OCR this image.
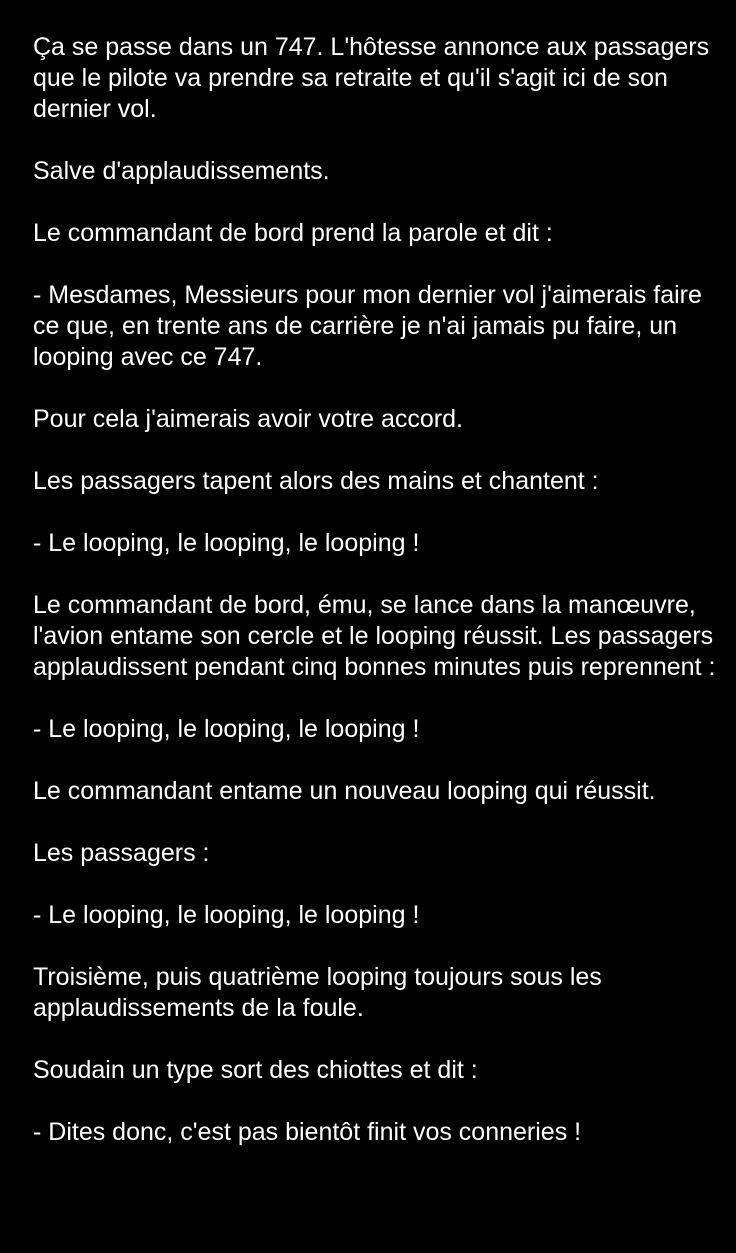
Ça se passe dans un 747. L'hôtesse annonce aux passagers que le pilote va prendre sa retraite et qu'il s'agit ici de son dernier vol.

Salve d'applaudissements.

Le commandant de bord prend la parole et dit :

- Mesdames, Messieurs pour mon dernier vol j'aimerais faire ce que, en trente ans de carrière je n'ai jamais pu faire, un looping avec ce 747.

Pour cela j'aimerais avoir votre accord.

Les passagers tapent alors des mains et chantent :

- Le looping, le looping, le looping !

Le commandant de bord, ému, se lance dans la manœuvre, l'avion entame son cercle et le looping réussit. Les passagers applaudissent pendant cinq bonnes minutes puis reprennent :

- Le looping, le looping, le looping !

Le commandant entame un nouveau looping qui réussit.

Les passagers :

- Le looping, le looping, le looping !

Troisième, puis quatrième looping toujours sous les applaudissements de la foule.

Soudain un type sort des chiottes et dit :

- Dites donc, c'est pas bientôt finit vos conneries !
